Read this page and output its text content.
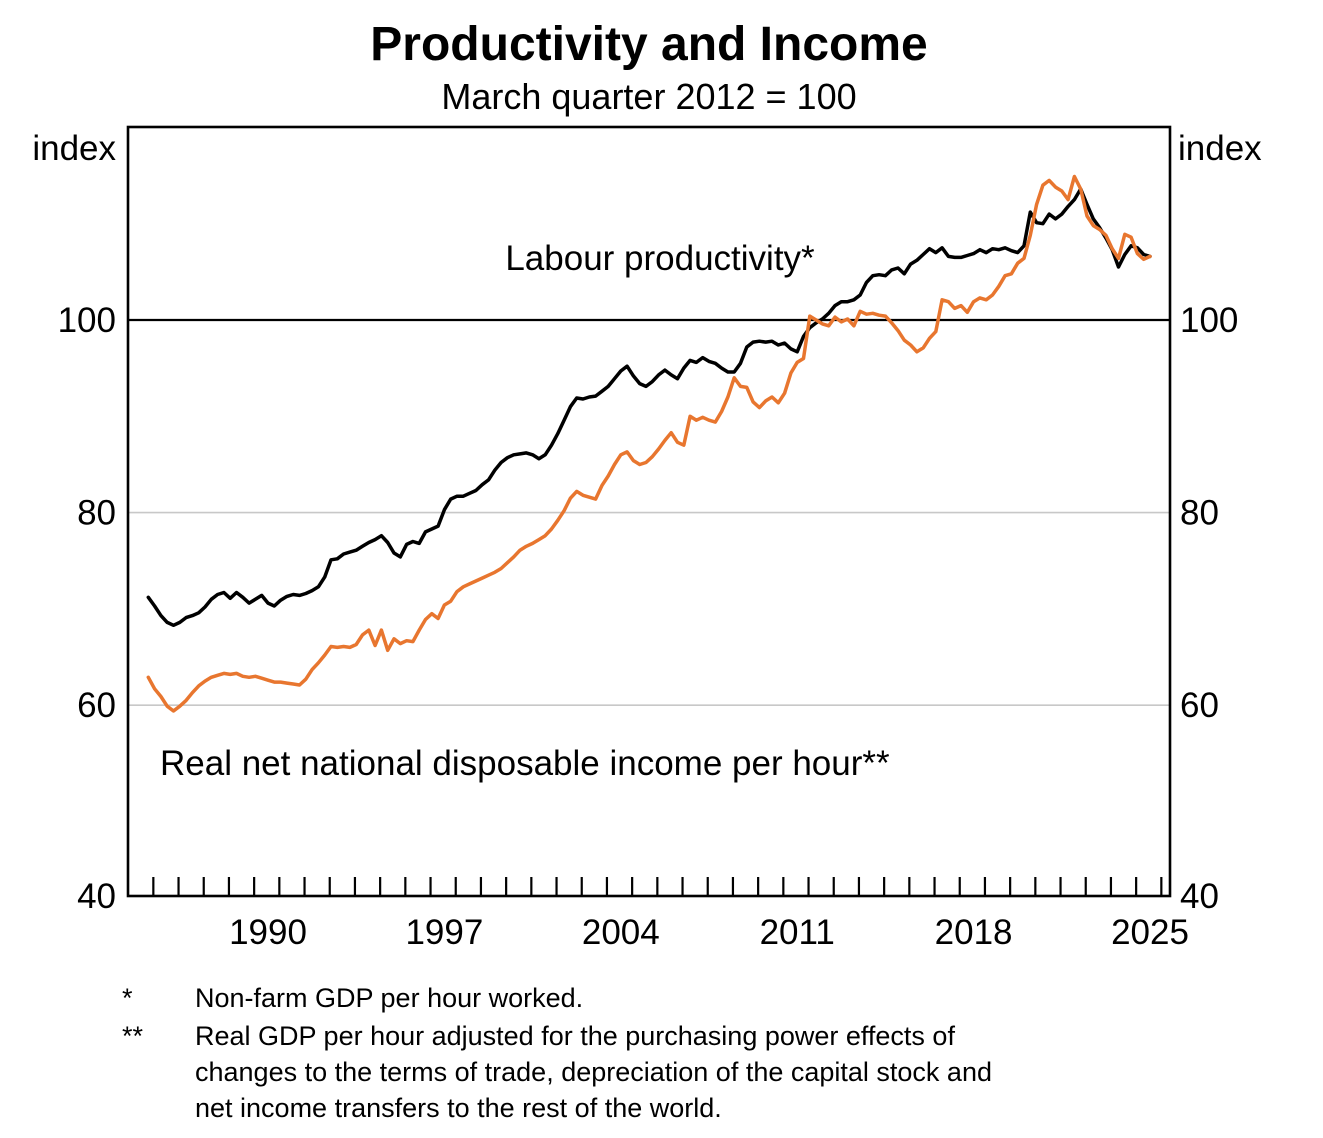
Productivity and Income
March quarter 2012 = 100
1990	1997	2004	2011	2018	2025
100	100
80	80
60	60
40	40
index	index
Labour productivity*
Real net national disposable income per hour**
*	Non-farm GDP per hour worked.
**	Real GDP per hour adjusted for the purchasing power effects of
changes to the terms of trade, depreciation of the capital stock and
net income transfers to the rest of the world.
